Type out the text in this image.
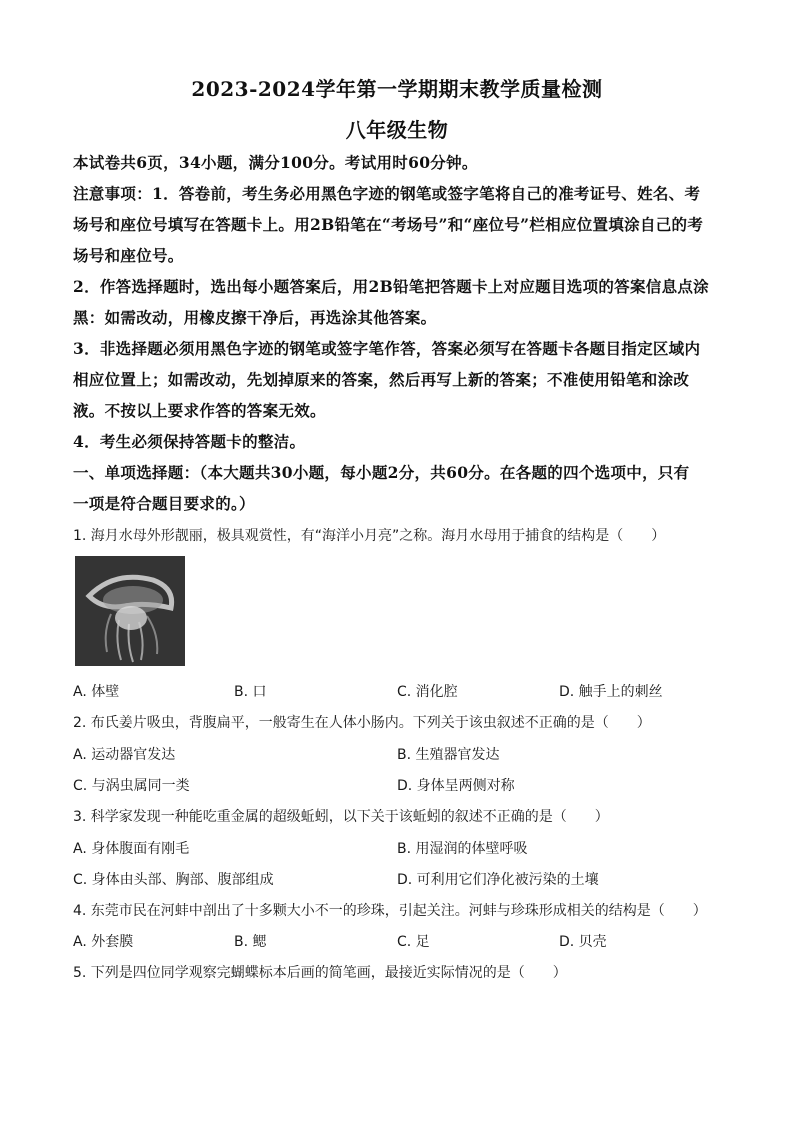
2023-2024学年第一学期期末教学质量检测
八年级生物
本试卷共6页，34小题，满分100分。考试用时60分钟。
注意事项：1．答卷前，考生务必用黑色字迹的钢笔或签字笔将自己的准考证号、姓名、考
场号和座位号填写在答题卡上。用2B铅笔在“考场号”和“座位号”栏相应位置填涂自己的考
场号和座位号。
2．作答选择题时，选出每小题答案后，用2B铅笔把答题卡上对应题目选项的答案信息点涂
黑：如需改动，用橡皮擦干净后，再选涂其他答案。
3．非选择题必须用黑色字迹的钢笔或签字笔作答，答案必须写在答题卡各题目指定区域内
相应位置上；如需改动，先划掉原来的答案，然后再写上新的答案；不准使用铅笔和涂改
液。不按以上要求作答的答案无效。
4．考生必须保持答题卡的整洁。
一、单项选择题：（本大题共30小题，每小题2分，共60分。在各题的四个选项中，只有
一项是符合题目要求的。）
1. 海月水母外形靓丽，极具观赏性，有“海洋小月亮”之称。海月水母用于捕食的结构是（　　）
A. 体壁	B. 口	C. 消化腔	D. 触手上的刺丝
2. 布氏姜片吸虫，背腹扁平，一般寄生在人体小肠内。下列关于该虫叙述不正确的是（　　）
A. 运动器官发达	B. 生殖器官发达
C. 与涡虫属同一类	D. 身体呈两侧对称
3. 科学家发现一种能吃重金属的超级蚯蚓，以下关于该蚯蚓的叙述不正确的是（　　）
A. 身体腹面有刚毛	B. 用湿润的体壁呼吸
C. 身体由头部、胸部、腹部组成	D. 可利用它们净化被污染的土壤
4. 东莞市民在河蚌中剖出了十多颗大小不一的珍珠，引起关注。河蚌与珍珠形成相关的结构是（　　）
A. 外套膜	B. 鳃	C. 足	D. 贝壳
5. 下列是四位同学观察完蝴蝶标本后画的简笔画，最接近实际情况的是（　　）
